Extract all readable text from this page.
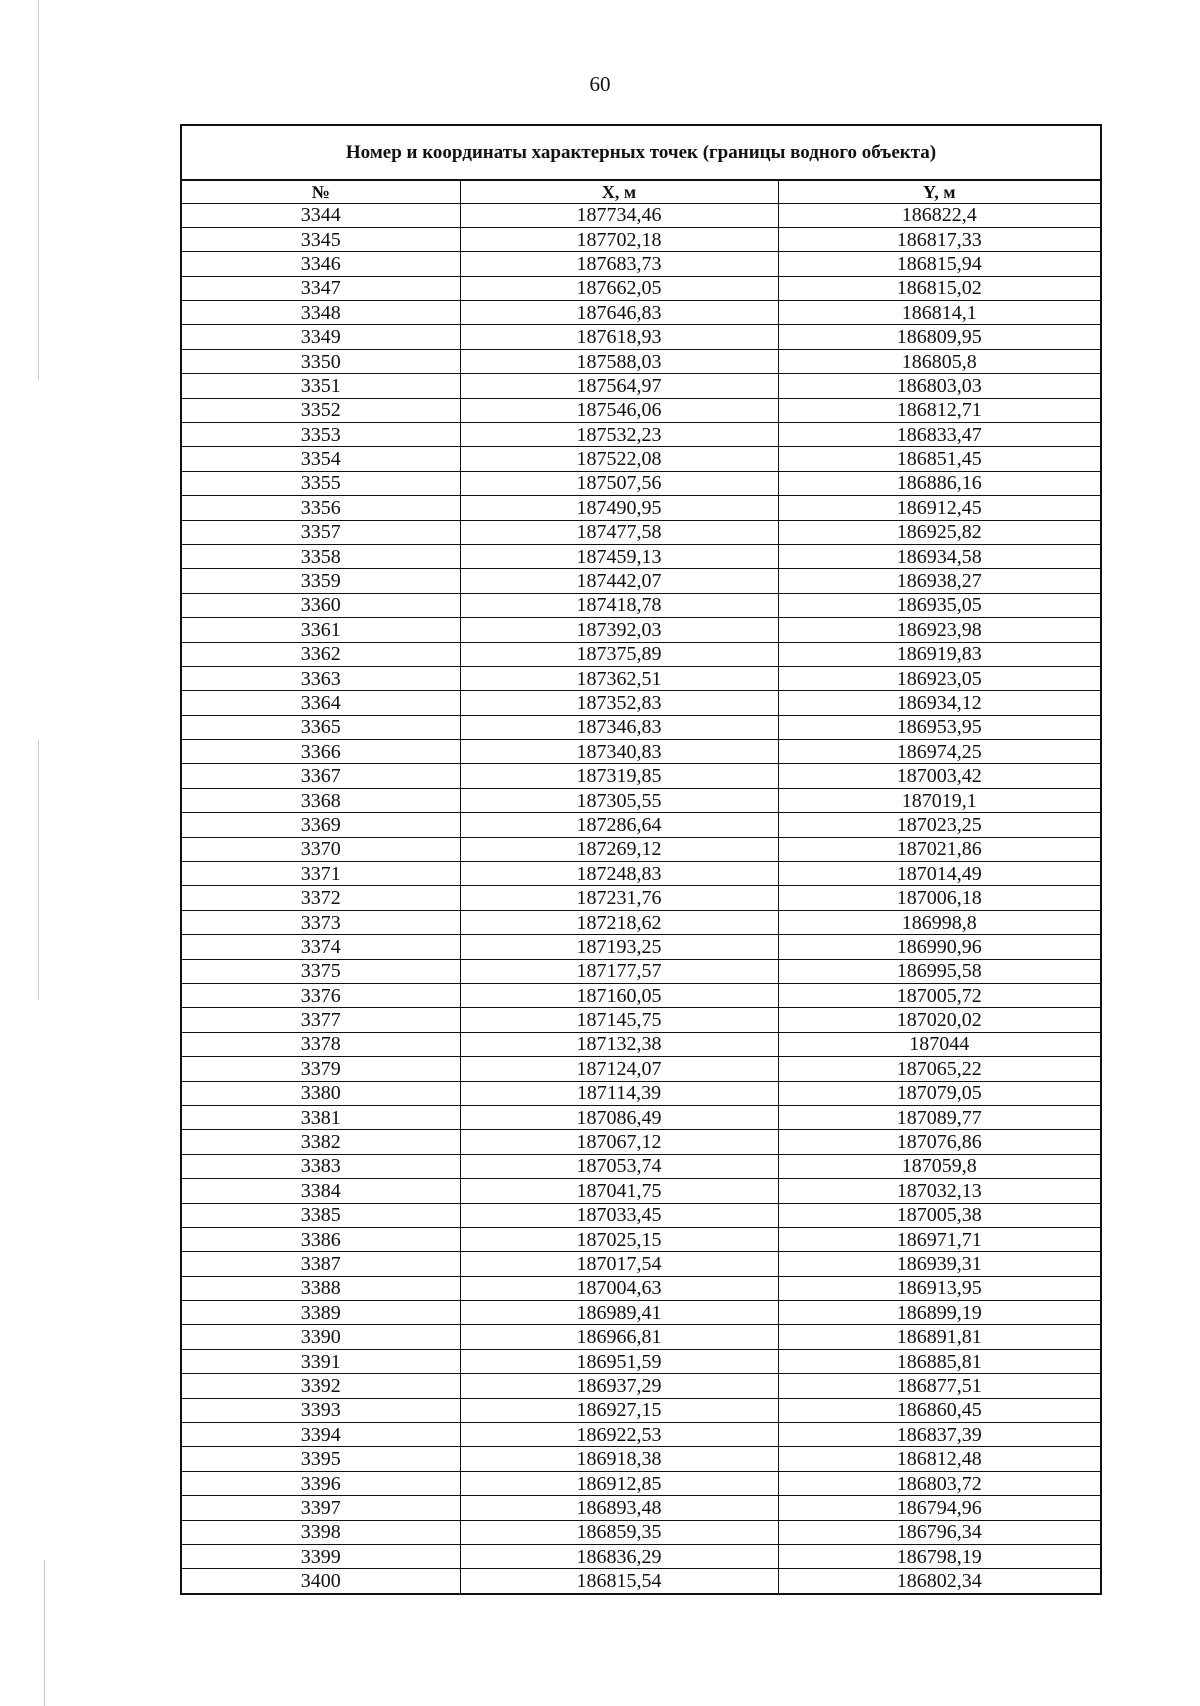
60
Номер и координаты характерных точек (границы водного объекта)
№	X, м	Y, м
3344	187734,46	186822,4
3345	187702,18	186817,33
3346	187683,73	186815,94
3347	187662,05	186815,02
3348	187646,83	186814,1
3349	187618,93	186809,95
3350	187588,03	186805,8
3351	187564,97	186803,03
3352	187546,06	186812,71
3353	187532,23	186833,47
3354	187522,08	186851,45
3355	187507,56	186886,16
3356	187490,95	186912,45
3357	187477,58	186925,82
3358	187459,13	186934,58
3359	187442,07	186938,27
3360	187418,78	186935,05
3361	187392,03	186923,98
3362	187375,89	186919,83
3363	187362,51	186923,05
3364	187352,83	186934,12
3365	187346,83	186953,95
3366	187340,83	186974,25
3367	187319,85	187003,42
3368	187305,55	187019,1
3369	187286,64	187023,25
3370	187269,12	187021,86
3371	187248,83	187014,49
3372	187231,76	187006,18
3373	187218,62	186998,8
3374	187193,25	186990,96
3375	187177,57	186995,58
3376	187160,05	187005,72
3377	187145,75	187020,02
3378	187132,38	187044
3379	187124,07	187065,22
3380	187114,39	187079,05
3381	187086,49	187089,77
3382	187067,12	187076,86
3383	187053,74	187059,8
3384	187041,75	187032,13
3385	187033,45	187005,38
3386	187025,15	186971,71
3387	187017,54	186939,31
3388	187004,63	186913,95
3389	186989,41	186899,19
3390	186966,81	186891,81
3391	186951,59	186885,81
3392	186937,29	186877,51
3393	186927,15	186860,45
3394	186922,53	186837,39
3395	186918,38	186812,48
3396	186912,85	186803,72
3397	186893,48	186794,96
3398	186859,35	186796,34
3399	186836,29	186798,19
3400	186815,54	186802,34
